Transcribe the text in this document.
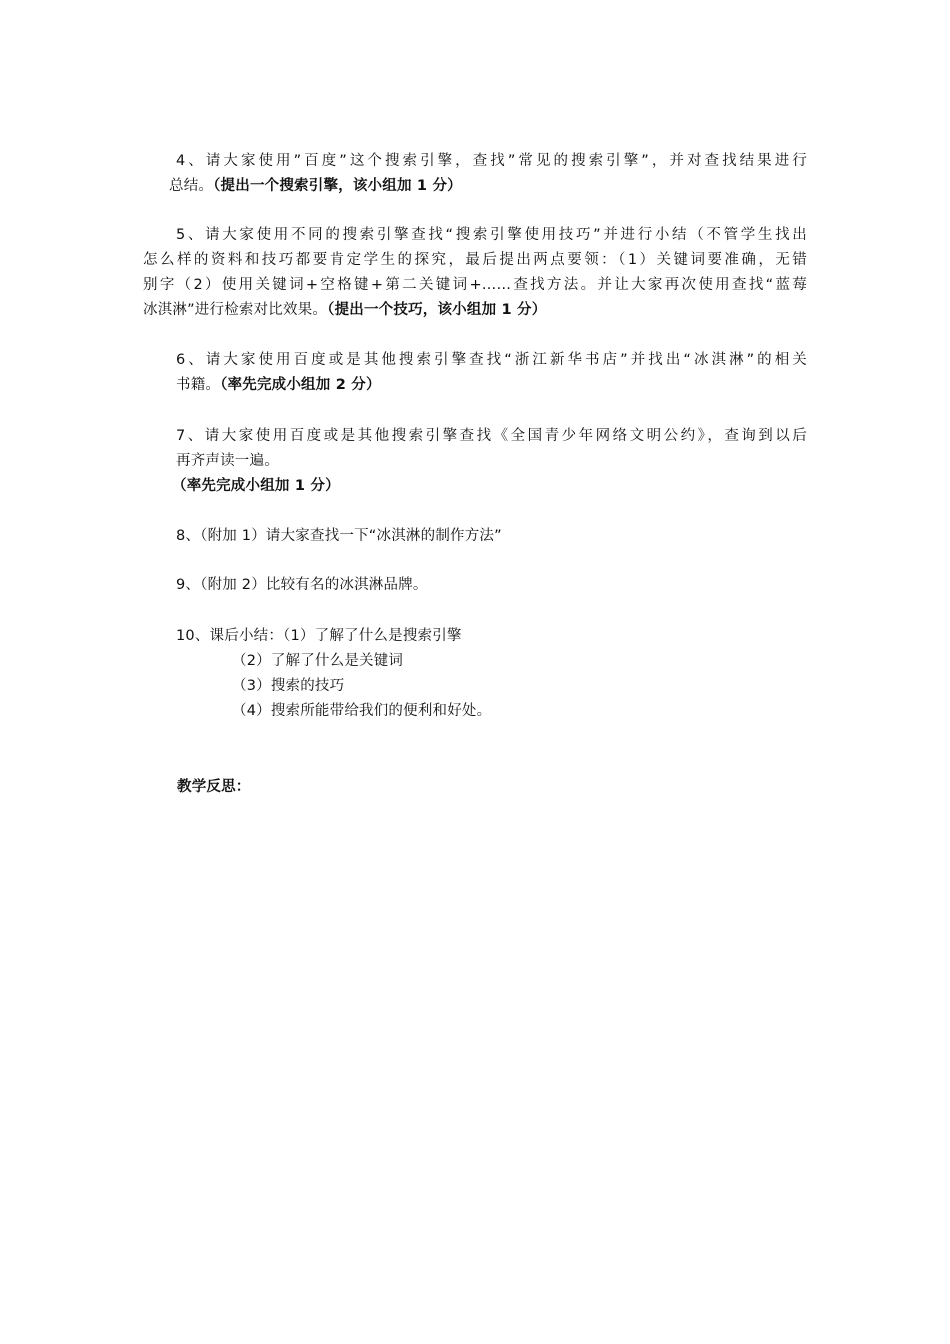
4、请大家使用”百度”这个搜索引擎，查找”常见的搜索引擎”，并对查找结果进行
总结。（提出一个搜索引擎，该小组加 1 分）
5、请大家使用不同的搜索引擎查找“搜索引擎使用技巧”并进行小结（不管学生找出
怎么样的资料和技巧都要肯定学生的探究，最后提出两点要领：（1）关键词要准确，无错
别字（2）使用关键词+空格键+第二关键词+……查找方法。并让大家再次使用查找“蓝莓
冰淇淋”进行检索对比效果。（提出一个技巧，该小组加 1 分）
6、请大家使用百度或是其他搜索引擎查找“浙江新华书店”并找出“冰淇淋”的相关
书籍。（率先完成小组加 2 分）
7、请大家使用百度或是其他搜索引擎查找《全国青少年网络文明公约》，查询到以后
再齐声读一遍。
（率先完成小组加 1 分）
8、（附加 1）请大家查找一下“冰淇淋的制作方法”
9、（附加 2）比较有名的冰淇淋品牌。
10、课后小结：（1）了解了什么是搜索引擎
（2）了解了什么是关键词
（3）搜索的技巧
（4）搜索所能带给我们的便利和好处。
教学反思：
